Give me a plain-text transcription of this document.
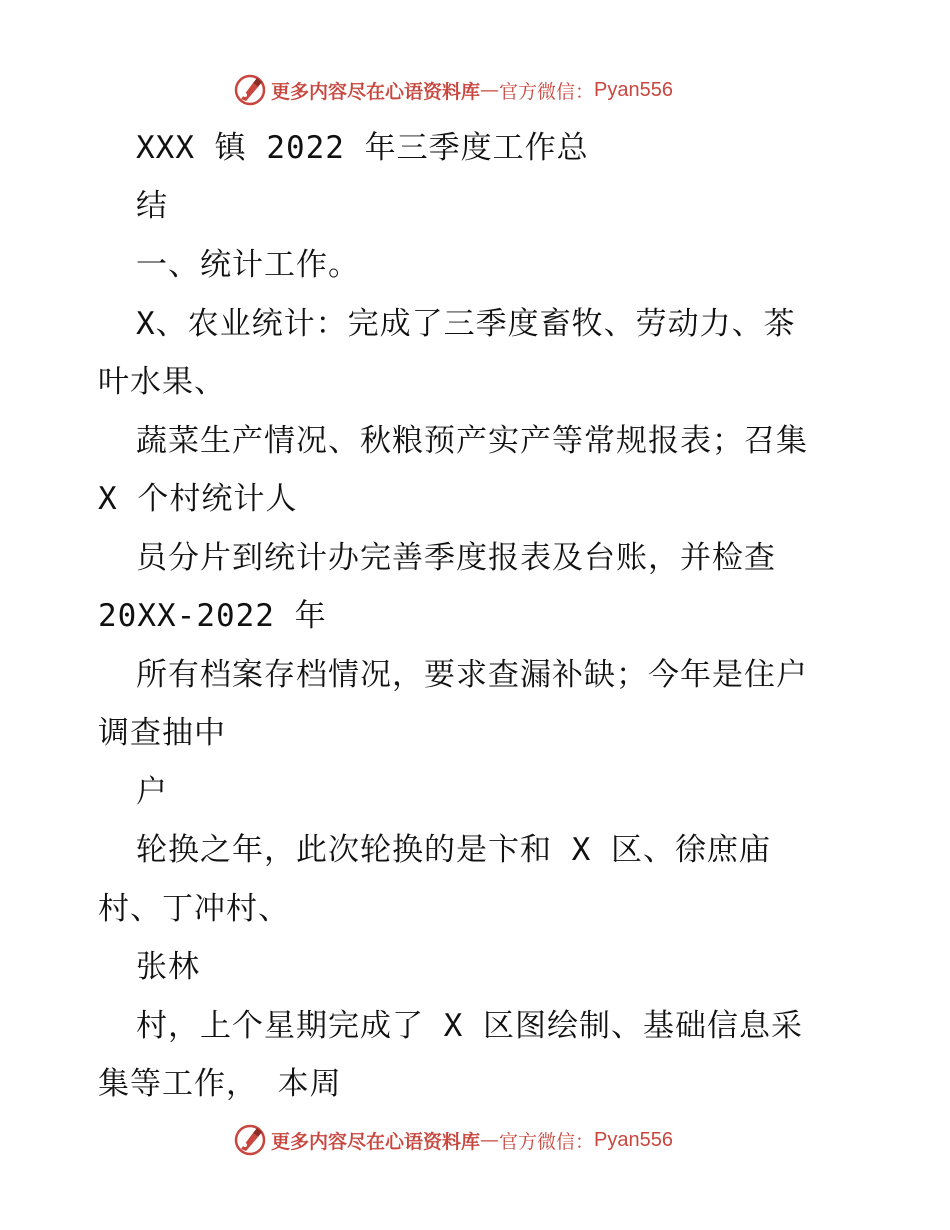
更多内容尽在心语资料库 — 官方微信： Pyan556
XXX 镇 2022 年三季度工作总
结
一、统计工作。
X、农业统计：完成了三季度畜牧、劳动力、茶
叶水果、
蔬菜生产情况、秋粮预产实产等常规报表；召集
X 个村统计人
员分片到统计办完善季度报表及台账，并检查
20XX-2022 年
所有档案存档情况，要求查漏补缺；今年是住户
调查抽中
户
轮换之年，此次轮换的是卞和 X 区、徐庶庙
村、丁冲村、
张林
村，上个星期完成了 X 区图绘制、基础信息采
集等工作， 本周
更多内容尽在心语资料库 — 官方微信： Pyan556
